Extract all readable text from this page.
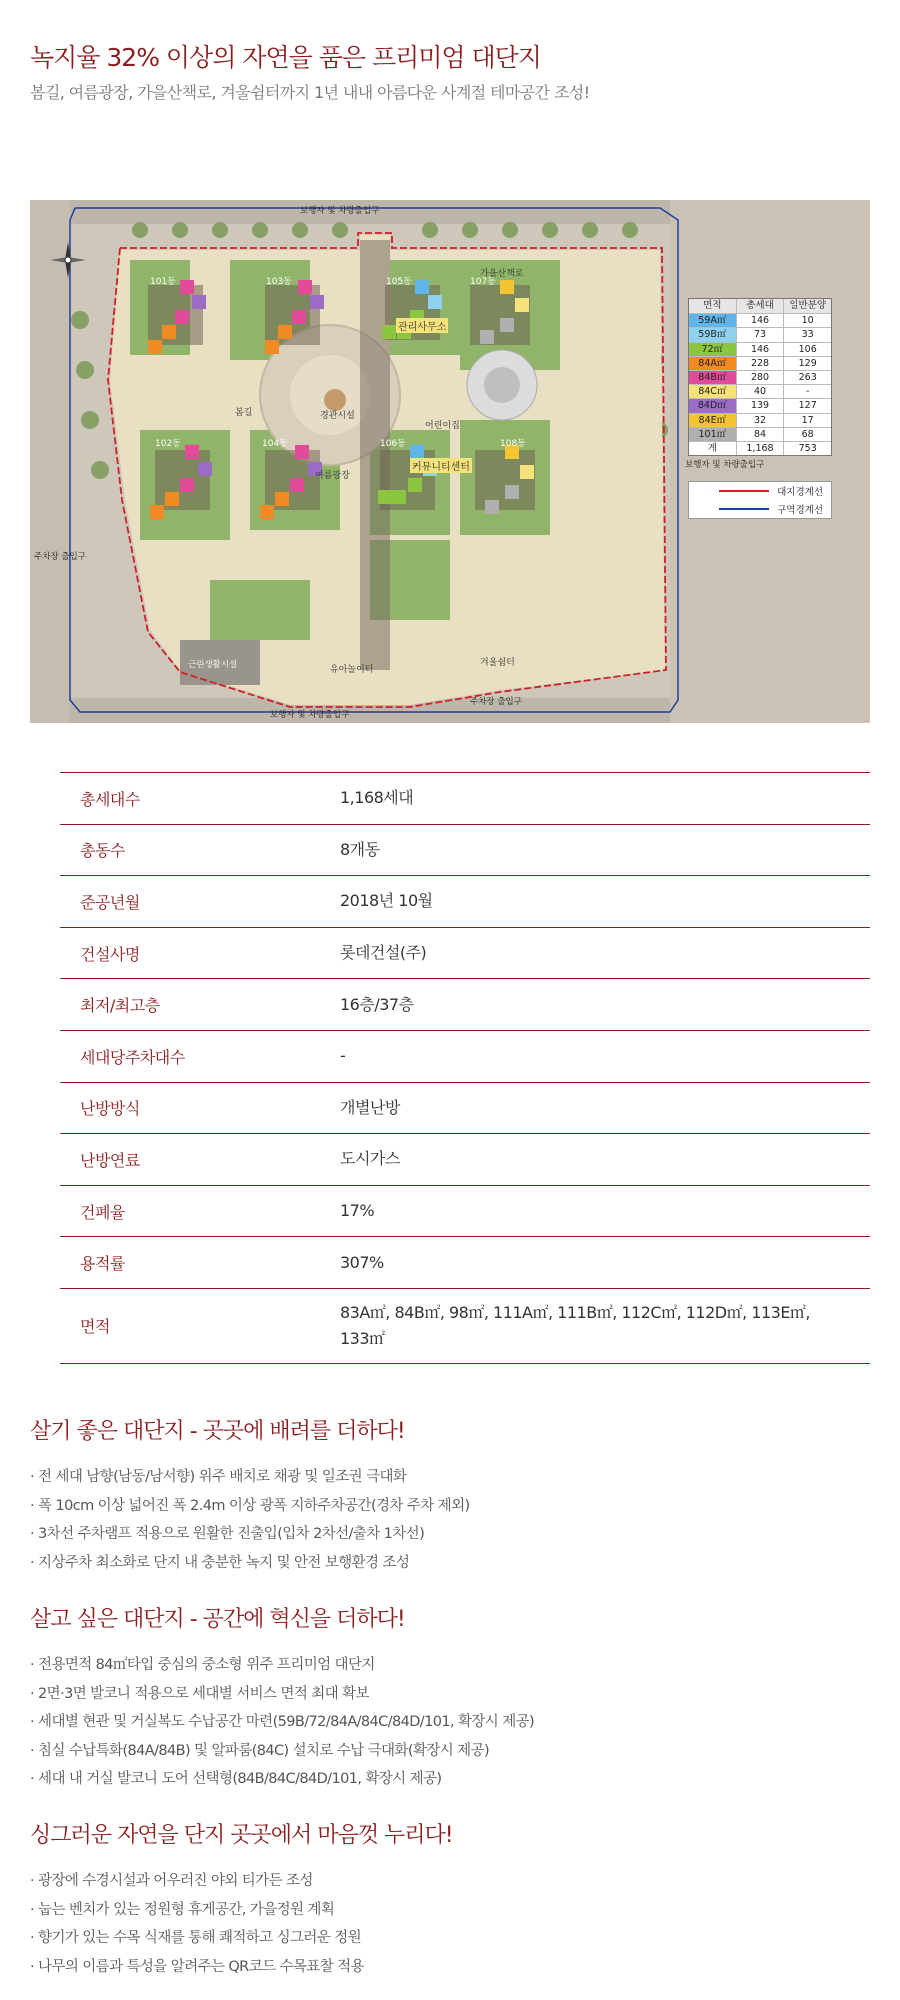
녹지율 32% 이상의 자연을 품은 프리미엄 대단지
봄길, 여름광장, 가을산책로, 겨울쉼터까지 1년 내내 아름다운 사계절 테마공간 조성!
101동
102동
103동
104동
105동
106동
107동
108동
관리사무소
커뮤니티센터
여름광장
봄길
겨울쉼터
가을산책로
어린이집
유아놀이터
경관시설
보행자 및 차량출입구
보행자 및 차량출입구
보행자 및 차량출입구
주차장 출입구
주차장 출입구
근린생활시설
면적	총세대	일반분양
59A㎡	146	10
59B㎡	73	33
72㎡	146	106
84A㎡	228	129
84B㎡	280	263
84C㎡	40	-
84D㎡	139	127
84E㎡	32	17
101㎡	84	68
계	1,168	753
대지경계선
구역경계선
총세대수	1,168세대
총동수	8개동
준공년월	2018년 10월
건설사명	롯데건설(주)
최저/최고층	16층/37층
세대당주차대수	-
난방방식	개별난방
난방연료	도시가스
건폐율	17%
용적률	307%
면적
83A㎡, 84B㎡, 98㎡, 111A㎡, 111B㎡, 112C㎡, 112D㎡, 113E㎡, 133㎡
살기 좋은 대단지 - 곳곳에 배려를 더하다!
· 전 세대 남향(남동/남서향) 위주 배치로 채광 및 일조권 극대화
· 폭 10cm 이상 넓어진 폭 2.4m 이상 광폭 지하주차공간(경차 주차 제외)
· 3차선 주차램프 적용으로 원활한 진출입(입차 2차선/출차 1차선)
· 지상주차 최소화로 단지 내 충분한 녹지 및 안전 보행환경 조성
살고 싶은 대단지 - 공간에 혁신을 더하다!
· 전용면적 84㎡타입 중심의 중소형 위주 프리미엄 대단지
· 2면·3면 발코니 적용으로 세대별 서비스 면적 최대 확보
· 세대별 현관 및 거실복도 수납공간 마련(59B/72/84A/84C/84D/101, 확장시 제공)
· 침실 수납특화(84A/84B) 및 알파룸(84C) 설치로 수납 극대화(확장시 제공)
· 세대 내 거실 발코니 도어 선택형(84B/84C/84D/101, 확장시 제공)
싱그러운 자연을 단지 곳곳에서 마음껏 누리다!
· 광장에 수경시설과 어우러진 야외 티가든 조성
· 눕는 벤치가 있는 정원형 휴게공간, 가을정원 계획
· 향기가 있는 수목 식재를 통해 쾌적하고 싱그러운 정원
· 나무의 이름과 특성을 알려주는 QR코드 수목표찰 적용
